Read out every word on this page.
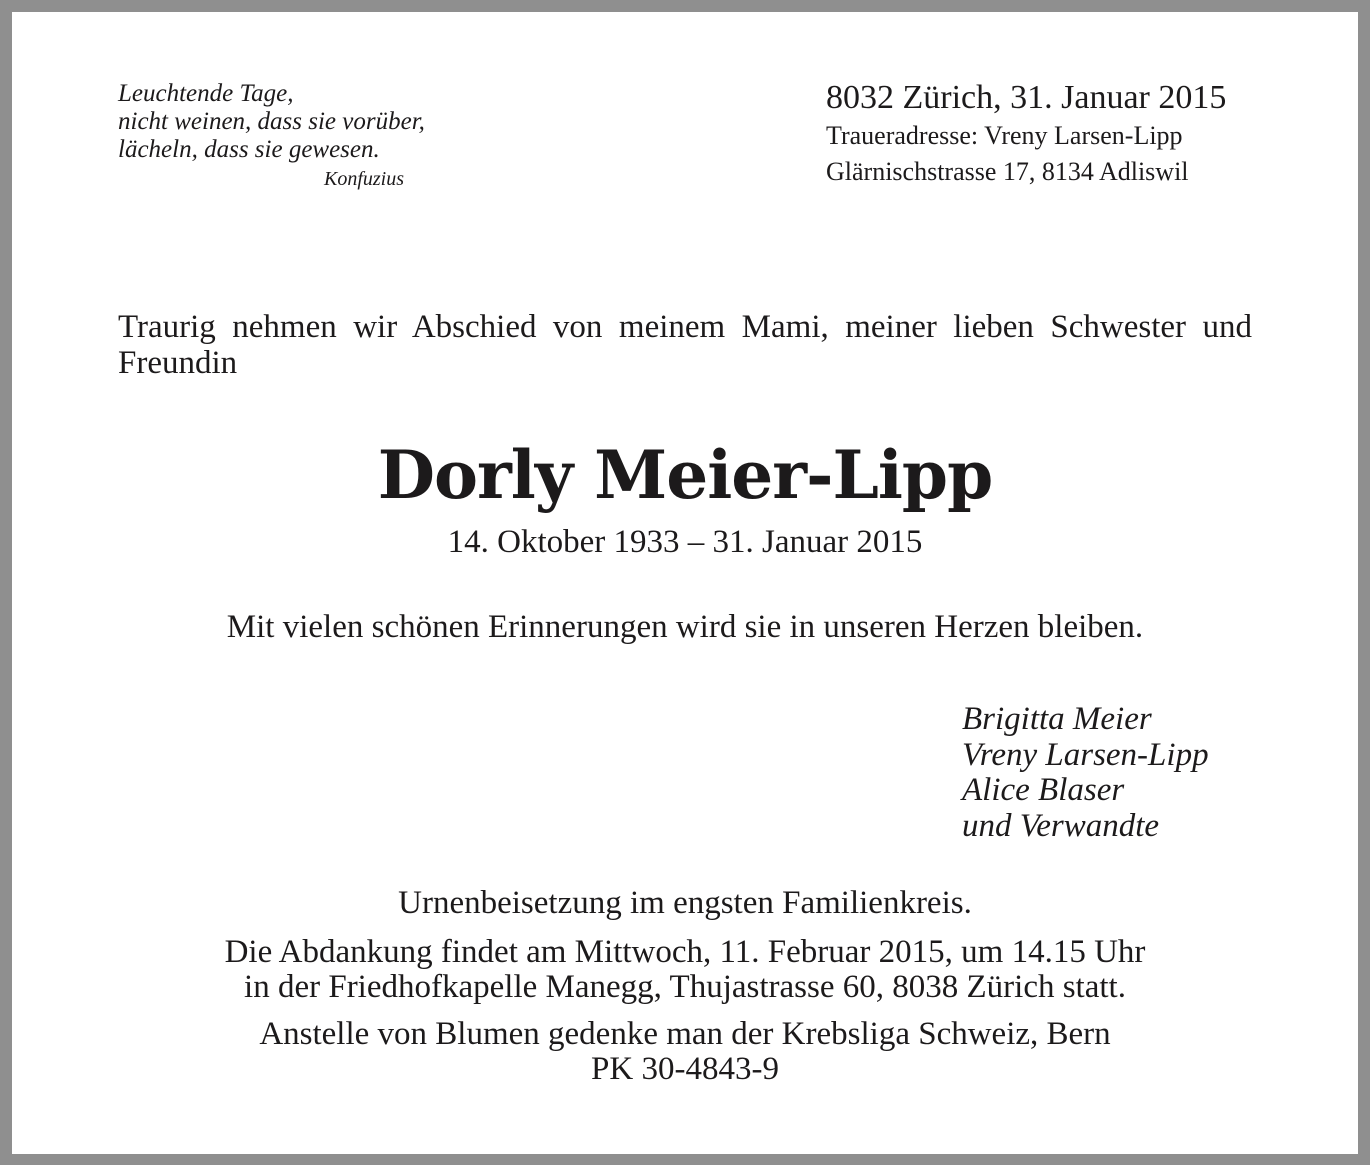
Leuchtende Tage,
nicht weinen, dass sie vorüber,
lächeln, dass sie gewesen.
Konfuzius
8032 Zürich, 31. Januar 2015
Traueradresse: Vreny Larsen-Lipp
Glärnischstrasse 17, 8134 Adliswil

Traurig nehmen wir Abschied von meinem Mami, meiner lieben Schwester und Freundin

Dorly Meier-Lipp

14. Oktober 1933 – 31. Januar 2015

Mit vielen schönen Erinnerungen wird sie in unseren Herzen bleiben.

Brigitta Meier
Vreny Larsen-Lipp
Alice Blaser
und Verwandte
Urnenbeisetzung im engsten Familienkreis.
Die Abdankung findet am Mittwoch, 11. Februar 2015, um 14.15 Uhr
in der Friedhofkapelle Manegg, Thujastrasse 60, 8038 Zürich statt.
Anstelle von Blumen gedenke man der Krebsliga Schweiz, Bern
PK 30-4843-9
